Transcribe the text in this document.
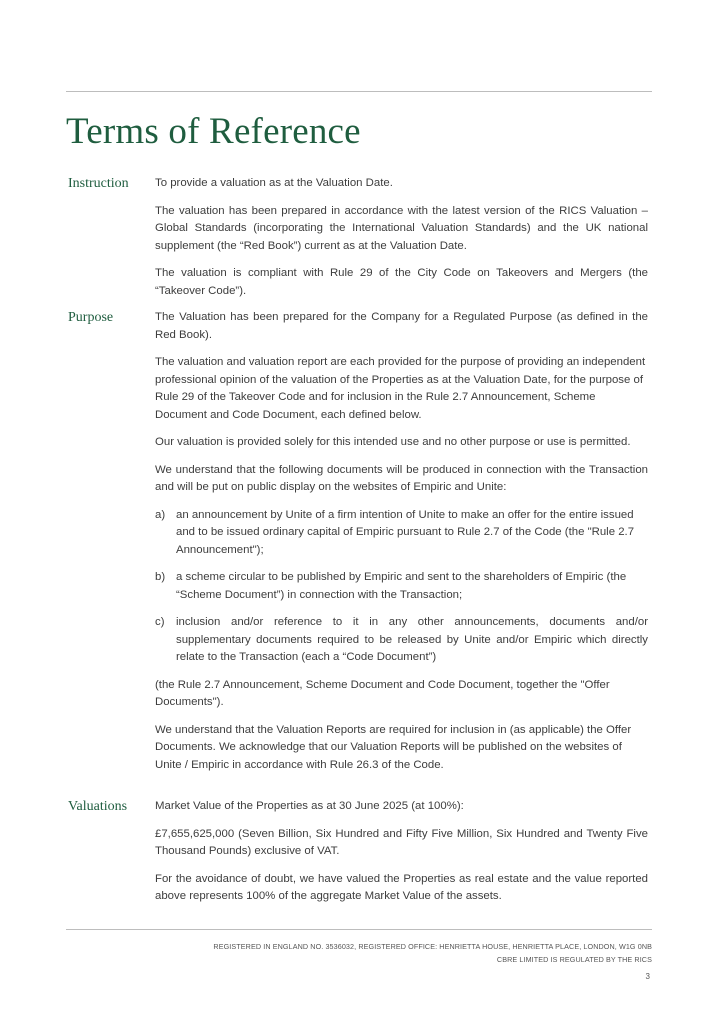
Terms of Reference
Instruction To provide a valuation as at the Valuation Date.

The valuation has been prepared in accordance with the latest version of the RICS Valuation – Global Standards (incorporating the International Valuation Standards) and the UK national supplement (the “Red Book”) current as at the Valuation Date.

The valuation is compliant with Rule 29 of the City Code on Takeovers and Mergers (the “Takeover Code”).

Purpose	The Valuation has been prepared for the Company for a Regulated Purpose (as defined in the Red Book).

The valuation and valuation report are each provided for the purpose of providing an independent professional opinion of the valuation of the Properties as at the Valuation Date, for the purpose of Rule 29 of the Takeover Code and for inclusion in the Rule 2.7 Announcement, Scheme Document and Code Document, each defined below.

Our valuation is provided solely for this intended use and no other purpose or use is permitted.

We understand that the following documents will be produced in connection with the Transaction and will be put on public display on the websites of Empiric and Unite:

a) an announcement by Unite of a firm intention of Unite to make an offer for the entire issued and to be issued ordinary capital of Empiric pursuant to Rule 2.7 of the Code (the "Rule 2.7 Announcement");

b) a scheme circular to be published by Empiric and sent to the shareholders of Empiric (the “Scheme Document”) in connection with the Transaction;

c) inclusion and/or reference to it in any other announcements, documents and/or supplementary documents required to be released by Unite and/or Empiric which directly relate to the Transaction (each a “Code Document”)

(the Rule 2.7 Announcement, Scheme Document and Code Document, together the "Offer Documents").

We understand that the Valuation Reports are required for inclusion in (as applicable) the Offer Documents. We acknowledge that our Valuation Reports will be published on the websites of Unite / Empiric in accordance with Rule 26.3 of the Code.

Valuations Market Value of the Properties as at 30 June 2025 (at 100%):

£7,655,625,000 (Seven Billion, Six Hundred and Fifty Five Million, Six Hundred and Twenty Five Thousand Pounds) exclusive of VAT.

For the avoidance of doubt, we have valued the Properties as real estate and the value reported above represents 100% of the aggregate Market Value of the assets.

REGISTERED IN ENGLAND NO. 3536032, REGISTERED OFFICE: HENRIETTA HOUSE, HENRIETTA PLACE, LONDON, W1G 0NB
CBRE LIMITED IS REGULATED BY THE RICS
3
